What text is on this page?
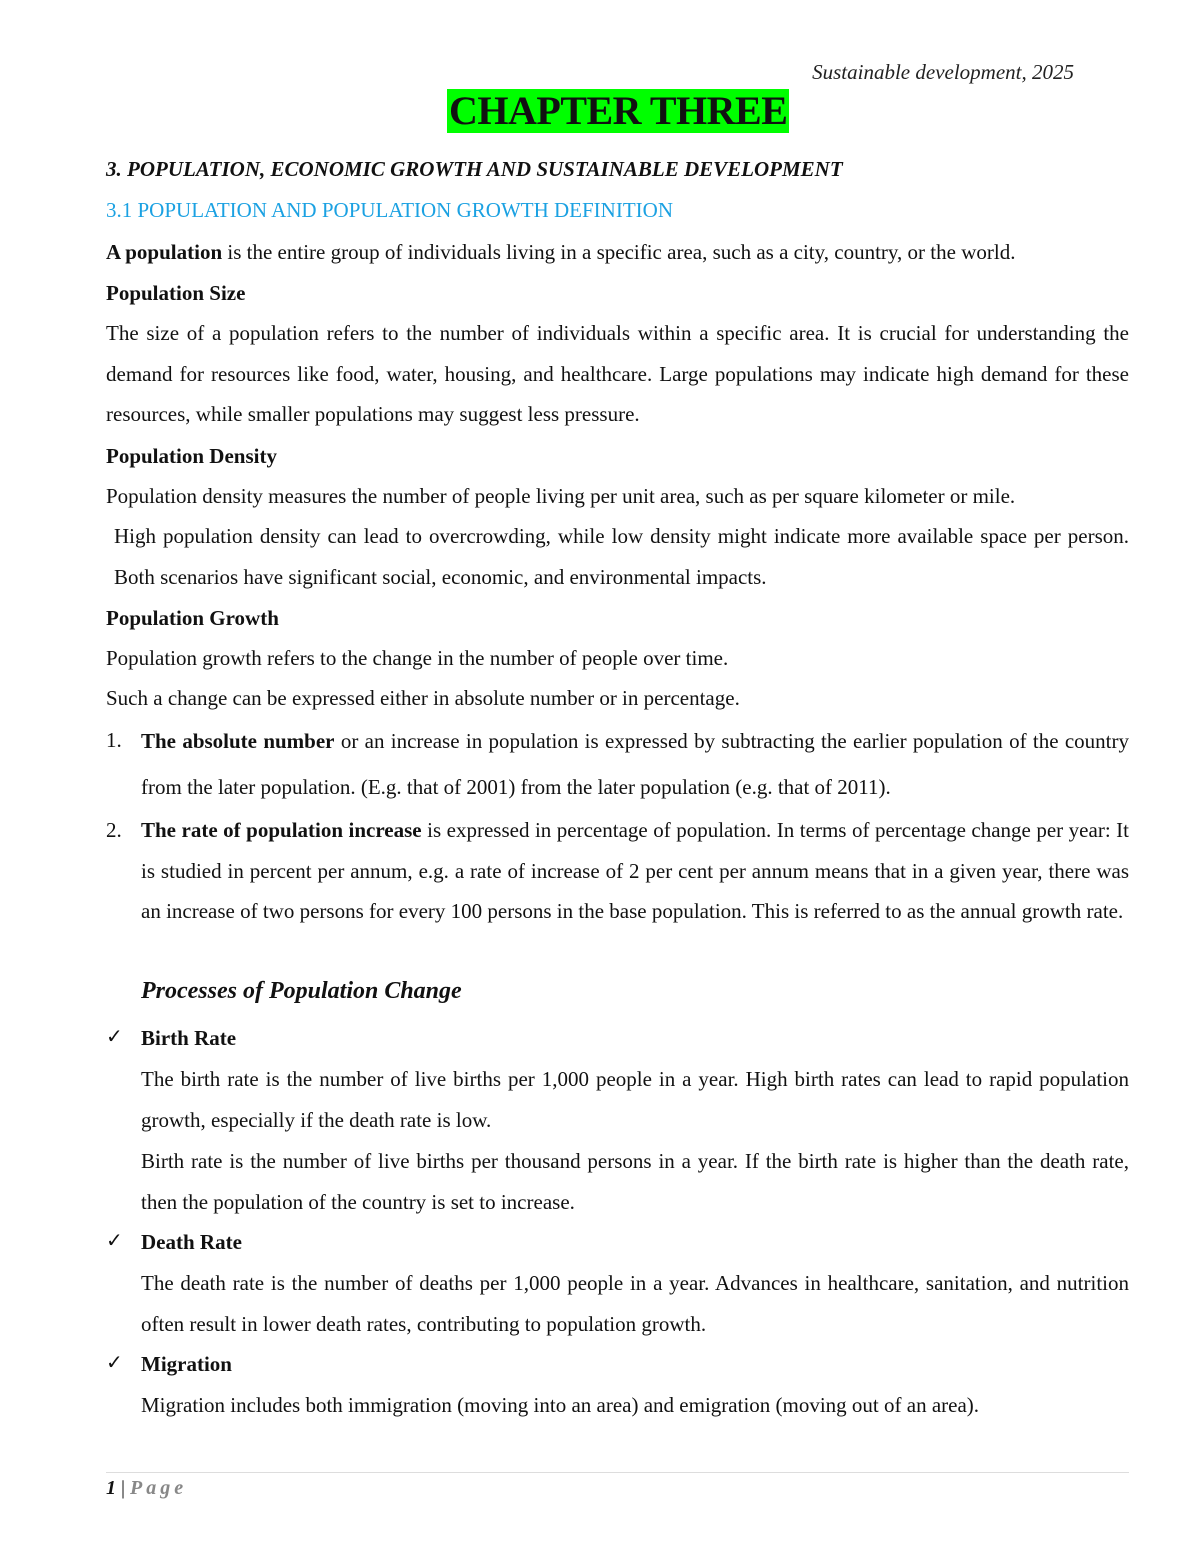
Sustainable development, 2025
CHAPTER THREE
3. POPULATION, ECONOMIC GROWTH AND SUSTAINABLE DEVELOPMENT
3.1 POPULATION AND POPULATION GROWTH DEFINITION

A population is the entire group of individuals living in a specific area, such as a city, country, or the world.

Population Size

The size of a population refers to the number of individuals within a specific area. It is crucial for understanding the demand for resources like food, water, housing, and healthcare. Large populations may indicate high demand for these resources, while smaller populations may suggest less pressure.

Population Density

Population density measures the number of people living per unit area, such as per square kilometer or mile.

High population density can lead to overcrowding, while low density might indicate more available space per person. Both scenarios have significant social, economic, and environmental impacts.

Population Growth

Population growth refers to the change in the number of people over time.

Such a change can be expressed either in absolute number or in percentage.

1. The absolute number or an increase in population is expressed by subtracting the earlier population of the country from the later population. (E.g. that of 2001) from the later population (e.g. that of 2011).

2. The rate of population increase is expressed in percentage of population. In terms of percentage change per year: It is studied in percent per annum, e.g. a rate of increase of 2 per cent per annum means that in a given year, there was an increase of two persons for every 100 persons in the base population. This is referred to as the annual growth rate.

Processes of Population Change
✓ Birth Rate

The birth rate is the number of live births per 1,000 people in a year. High birth rates can lead to rapid population growth, especially if the death rate is low.

Birth rate is the number of live births per thousand persons in a year. If the birth rate is higher than the death rate, then the population of the country is set to increase.

✓ Death Rate

The death rate is the number of deaths per 1,000 people in a year. Advances in healthcare, sanitation, and nutrition often result in lower death rates, contributing to population growth.

✓ Migration

Migration includes both immigration (moving into an area) and emigration (moving out of an area).

1 | Page
